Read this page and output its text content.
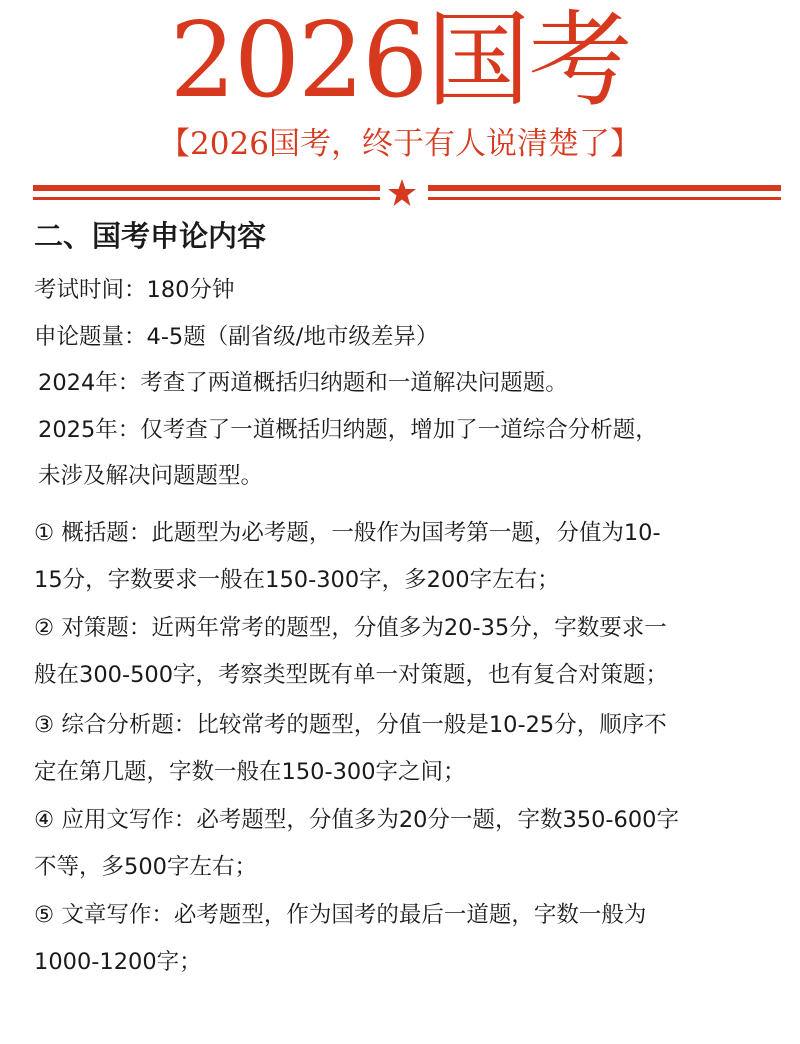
2026国考
【2026国考，终于有人说清楚了】
二、国考申论内容
考试时间：180分钟
申论题量：4-5题（副省级/地市级差异）
2024年：考查了两道概括归纳题和一道解决问题题。
2025年：仅考查了一道概括归纳题，增加了一道综合分析题，
未涉及解决问题题型。
① 概括题：此题型为必考题，一般作为国考第一题，分值为10-
15分，字数要求一般在150-300字，多200字左右；
② 对策题：近两年常考的题型，分值多为20-35分，字数要求一
般在300-500字，考察类型既有单一对策题，也有复合对策题；
③ 综合分析题：比较常考的题型，分值一般是10-25分，顺序不
定在第几题，字数一般在150-300字之间；
④ 应用文写作：必考题型，分值多为20分一题，字数350-600字
不等，多500字左右；
⑤ 文章写作：必考题型，作为国考的最后一道题，字数一般为
1000-1200字；
